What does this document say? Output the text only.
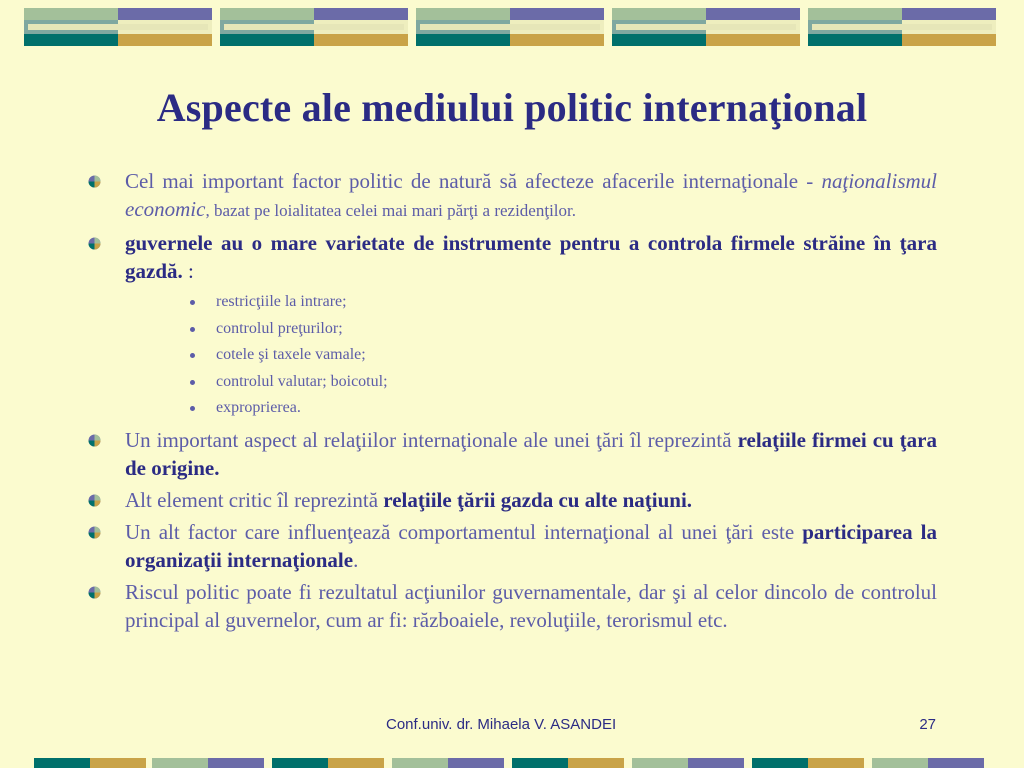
Aspecte ale mediului politic internaţional
Cel mai important factor politic de natură să afecteze afacerile internaţionale - naţionalismul economic, bazat pe loialitatea celei mai mari părţi a rezidenţilor.
guvernele au o mare varietate de instrumente pentru a controla firmele străine în ţara gazdă. :
restricţiile la intrare;
controlul preţurilor;
cotele şi taxele vamale;
controlul valutar; boicotul;
exproprierea.
Un important aspect al relaţiilor internaţionale ale unei ţări îl reprezintă relaţiile firmei cu ţara de origine.
Alt element critic îl reprezintă relaţiile ţării gazda cu alte naţiuni.
Un alt factor care influenţează comportamentul internaţional al unei ţări este participarea la organizaţii internaţionale.
Riscul politic poate fi rezultatul acţiunilor guvernamentale, dar şi al celor dincolo de controlul principal al guvernelor, cum ar fi: războaiele, revoluţiile, terorismul etc.
Conf.univ. dr. Mihaela V. ASANDEI	27
